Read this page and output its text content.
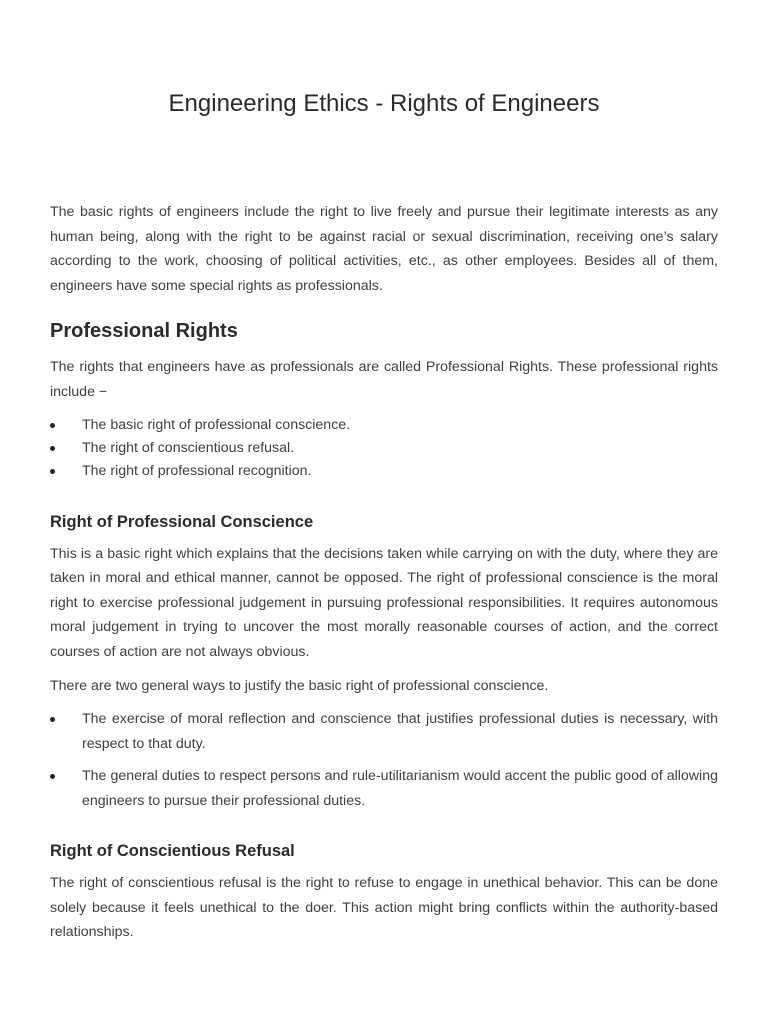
Engineering Ethics - Rights of Engineers

The basic rights of engineers include the right to live freely and pursue their legitimate interests as any human being, along with the right to be against racial or sexual discrimination, receiving one’s salary according to the work, choosing of political activities, etc., as other employees. Besides all of them, engineers have some special rights as professionals.

Professional Rights

The rights that engineers have as professionals are called Professional Rights. These professional rights include −

The basic right of professional conscience.
The right of conscientious refusal.
The right of professional recognition.
Right of Professional Conscience

This is a basic right which explains that the decisions taken while carrying on with the duty, where they are taken in moral and ethical manner, cannot be opposed. The right of professional conscience is the moral right to exercise professional judgement in pursuing professional responsibilities. It requires autonomous moral judgement in trying to uncover the most morally reasonable courses of action, and the correct courses of action are not always obvious.

There are two general ways to justify the basic right of professional conscience.

The exercise of moral reflection and conscience that justifies professional duties is necessary, with respect to that duty.
The general duties to respect persons and rule-utilitarianism would accent the public good of allowing engineers to pursue their professional duties.
Right of Conscientious Refusal

The right of conscientious refusal is the right to refuse to engage in unethical behavior. This can be done solely because it feels unethical to the doer. This action might bring conflicts within the authority-based relationships.
